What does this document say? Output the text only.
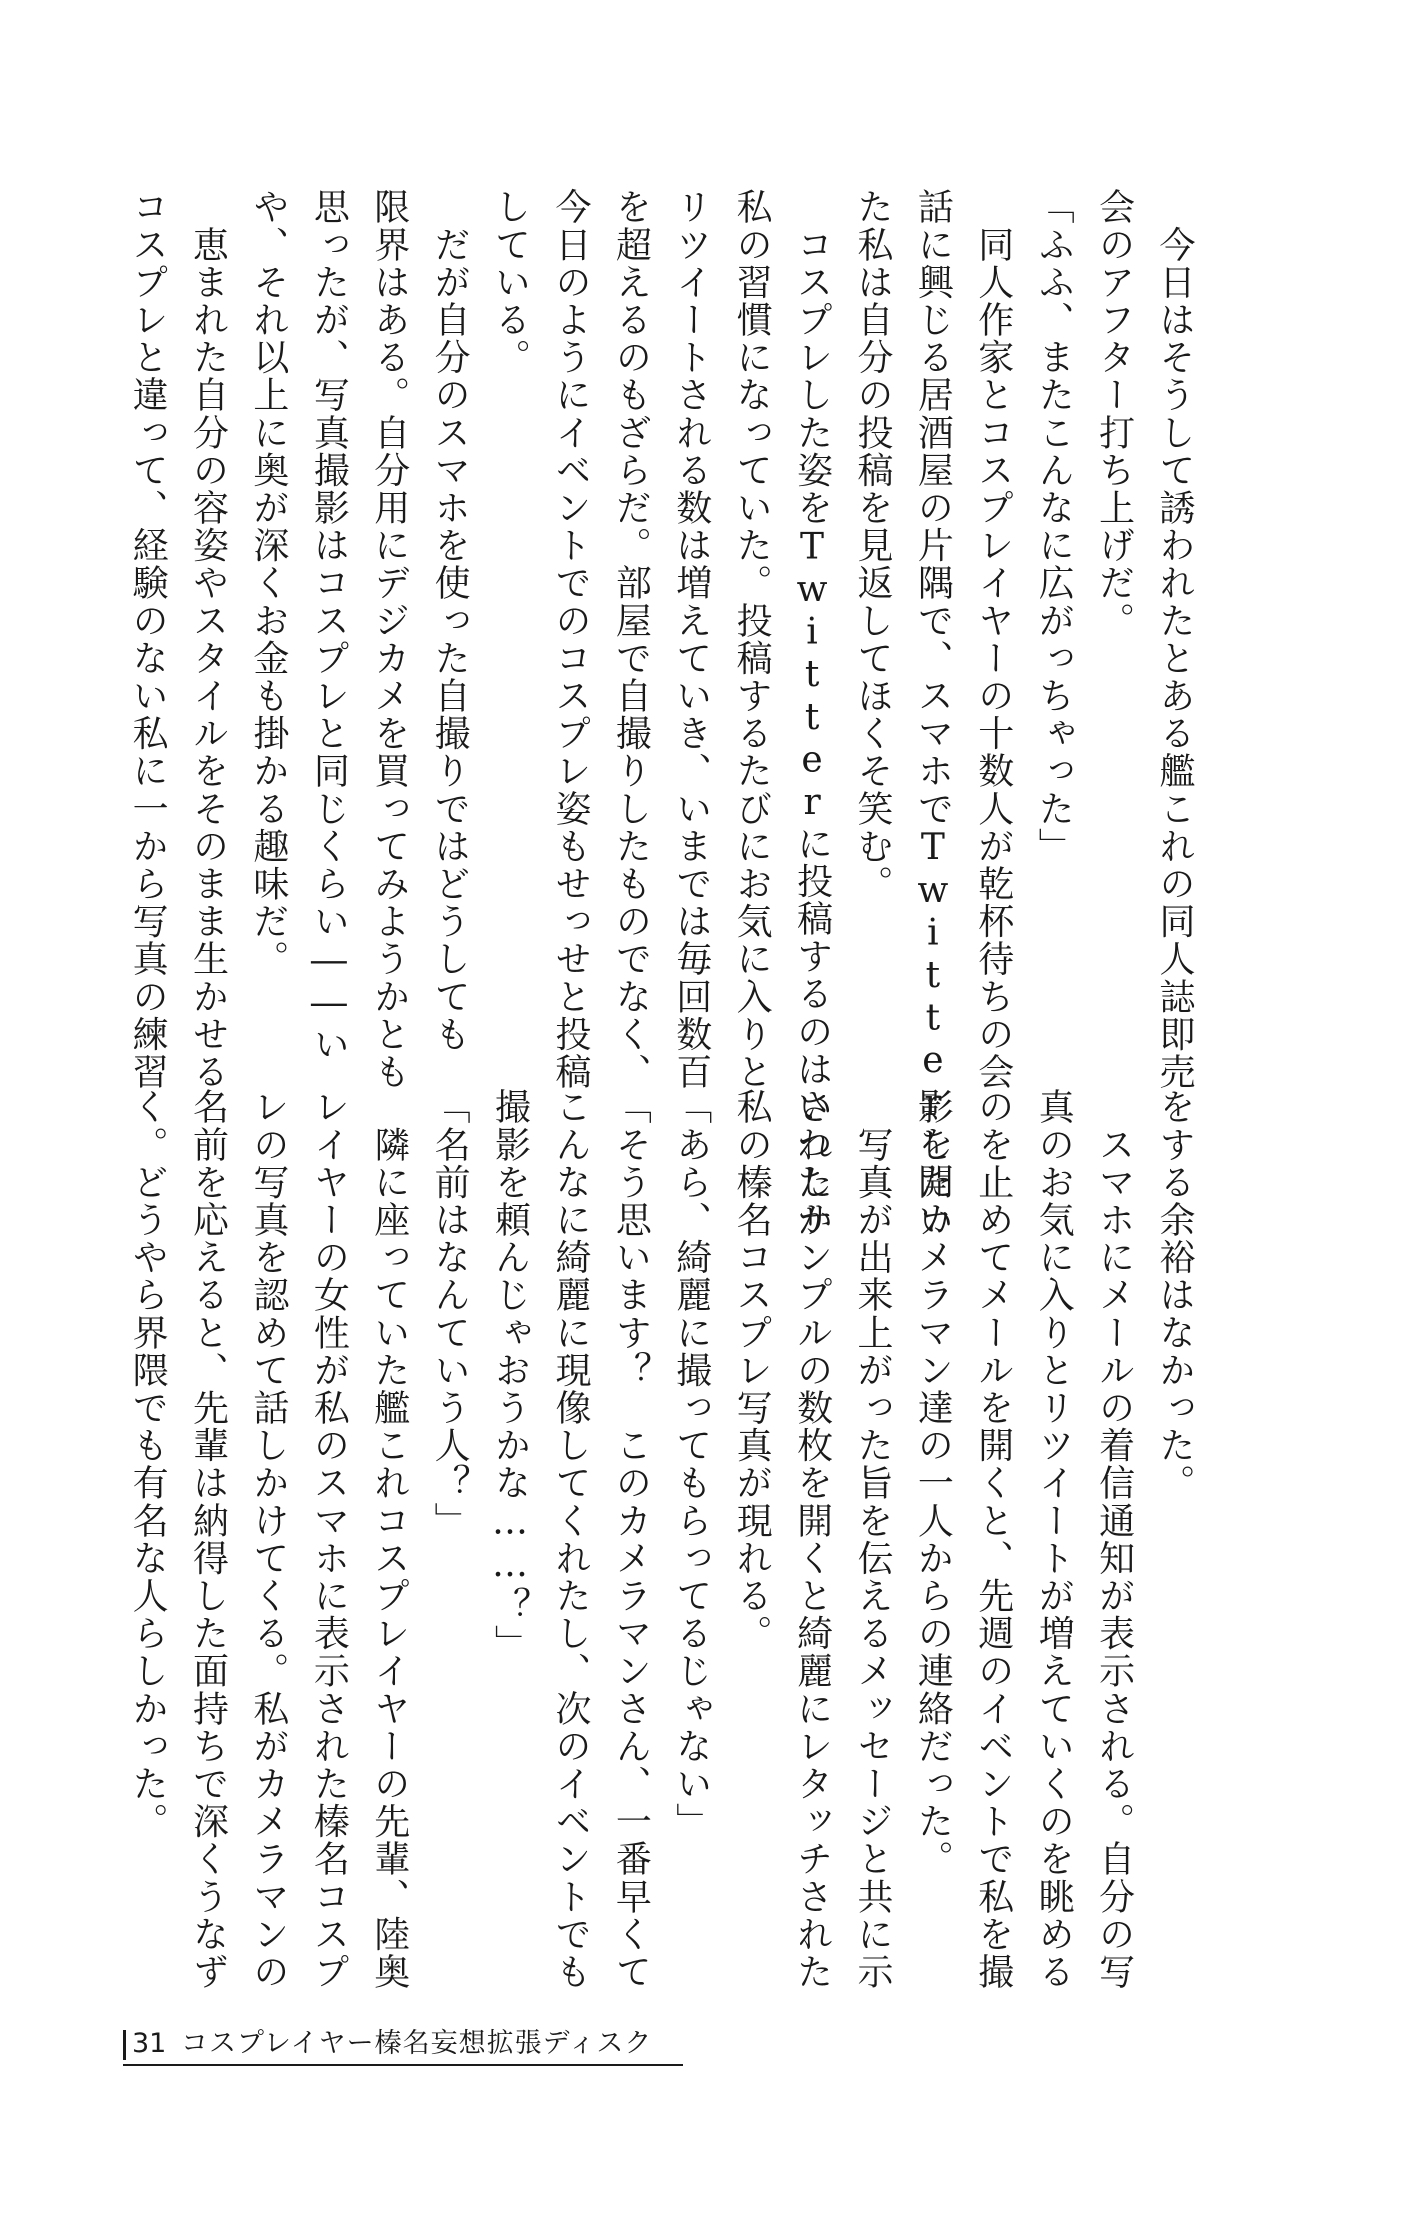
　今日はそうして誘われたとある艦これの同人誌即売

会のアフター打ち上げだ。

「ふふ、またこんなに広がっちゃった」

　同人作家とコスプレイヤーの十数人が乾杯待ちの会

話に興じる居酒屋の片隅で、スマホでTwitterを開い

た私は自分の投稿を見返してほくそ笑む。

　コスプレした姿をTwitterに投稿するのはいつしか

私の習慣になっていた。投稿するたびにお気に入りと

リツイートされる数は増えていき、いまでは毎回数百

を超えるのもざらだ。部屋で自撮りしたものでなく、

今日のようにイベントでのコスプレ姿もせっせと投稿

している。

　だが自分のスマホを使った自撮りではどうしても

限界はある。自分用にデジカメを買ってみようかとも

思ったが、写真撮影はコスプレと同じくらい――い

や、それ以上に奥が深くお金も掛かる趣味だ。

　恵まれた自分の容姿やスタイルをそのまま生かせる

コスプレと違って、経験のない私に一から写真の練習

をする余裕はなかった。

　スマホにメールの着信通知が表示される。自分の写

真のお気に入りとリツイートが増えていくのを眺める

のを止めてメールを開くと、先週のイベントで私を撮

影したカメラマン達の一人からの連絡だった。

　写真が出来上がった旨を伝えるメッセージと共に示

されたサンプルの数枚を開くと綺麗にレタッチされた

私の榛名コスプレ写真が現れる。

「あら、綺麗に撮ってもらってるじゃない」

「そう思います？　このカメラマンさん、一番早くて

こんなに綺麗に現像してくれたし、次のイベントでも

撮影を頼んじゃおうかな……？」

「名前はなんていう人？」

　隣に座っていた艦これコスプレイヤーの先輩、陸奥

レイヤーの女性が私のスマホに表示された榛名コスプ

レの写真を認めて話しかけてくる。私がカメラマンの

名前を応えると、先輩は納得した面持ちで深くうなず

く。どうやら界隈でも有名な人らしかった。

31 コスプレイヤー榛名妄想拡張ディスク
